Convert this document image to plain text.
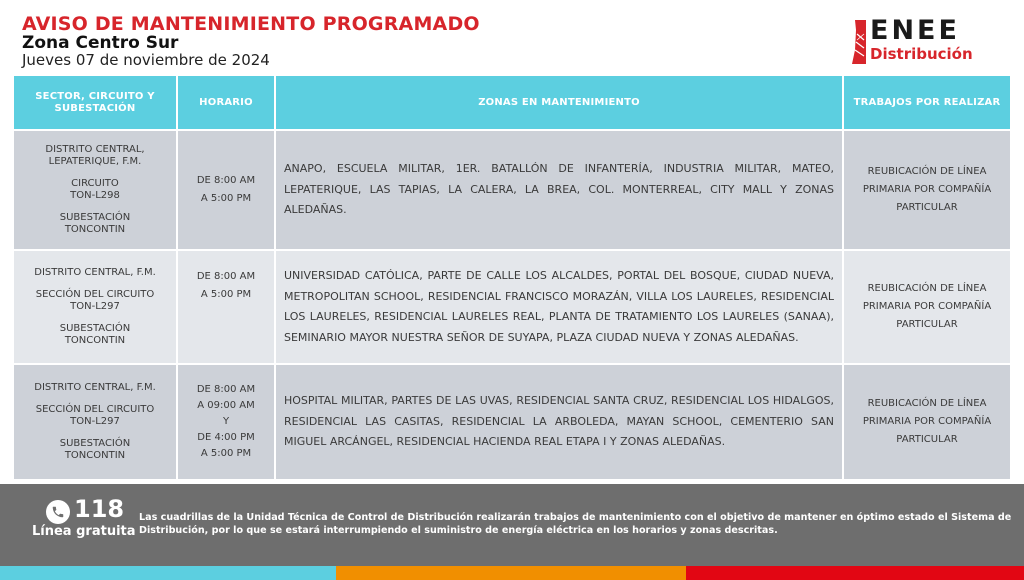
AVISO DE MANTENIMIENTO PROGRAMADO
Zona Centro Sur
Jueves 07 de noviembre de 2024
ENEE
Distribución
SECTOR, CIRCUITO Y SUBESTACIÓN
HORARIO	ZONAS EN MANTENIMIENTO	TRABAJOS POR REALIZAR
DISTRITO CENTRAL, LEPATERIQUE, F.M.
CIRCUITO
TON-L298
SUBESTACIÓN
TONCONTIN
DE 8:00 AM
A 5:00 PM
ANAPO, ESCUELA MILITAR, 1ER. BATALLÓN DE INFANTERÍA, INDUSTRIA MILITAR, MATEO, LEPATERIQUE, LAS TAPIAS, LA CALERA, LA BREA, COL. MONTERREAL, CITY MALL Y ZONAS ALEDAÑAS.
REUBICACIÓN DE LÍNEA PRIMARIA POR COMPAÑÍA PARTICULAR
DISTRITO CENTRAL, F.M.
SECCIÓN DEL CIRCUITO
TON-L297
SUBESTACIÓN
TONCONTIN
DE 8:00 AM
A 5:00 PM
UNIVERSIDAD CATÓLICA, PARTE DE CALLE LOS ALCALDES, PORTAL DEL BOSQUE, CIUDAD NUEVA, METROPOLITAN SCHOOL, RESIDENCIAL FRANCISCO MORAZÁN, VILLA LOS LAURELES, RESIDENCIAL LOS LAURELES, RESIDENCIAL LAURELES REAL, PLANTA DE TRATAMIENTO LOS LAURELES (SANAA), SEMINARIO MAYOR NUESTRA SEÑOR DE SUYAPA, PLAZA CIUDAD NUEVA Y ZONAS ALEDAÑAS.
REUBICACIÓN DE LÍNEA PRIMARIA POR COMPAÑÍA PARTICULAR
DISTRITO CENTRAL, F.M.
SECCIÓN DEL CIRCUITO
TON-L297
SUBESTACIÓN
TONCONTIN
DE 8:00 AM
A 09:00 AM
Y
DE 4:00 PM
A 5:00 PM
HOSPITAL MILITAR, PARTES DE LAS UVAS, RESIDENCIAL SANTA CRUZ, RESIDENCIAL LOS HIDALGOS, RESIDENCIAL LAS CASITAS, RESIDENCIAL LA ARBOLEDA, MAYAN SCHOOL, CEMENTERIO SAN MIGUEL ARCÁNGEL, RESIDENCIAL HACIENDA REAL ETAPA I Y ZONAS ALEDAÑAS.
REUBICACIÓN DE LÍNEA PRIMARIA POR COMPAÑÍA PARTICULAR
118
Línea gratuita
Las cuadrillas de la Unidad Técnica de Control de Distribución realizarán trabajos de mantenimiento con el objetivo de mantener en óptimo estado el Sistema de Distribución, por lo que se estará interrumpiendo el suministro de energía eléctrica en los horarios y zonas descritas.
